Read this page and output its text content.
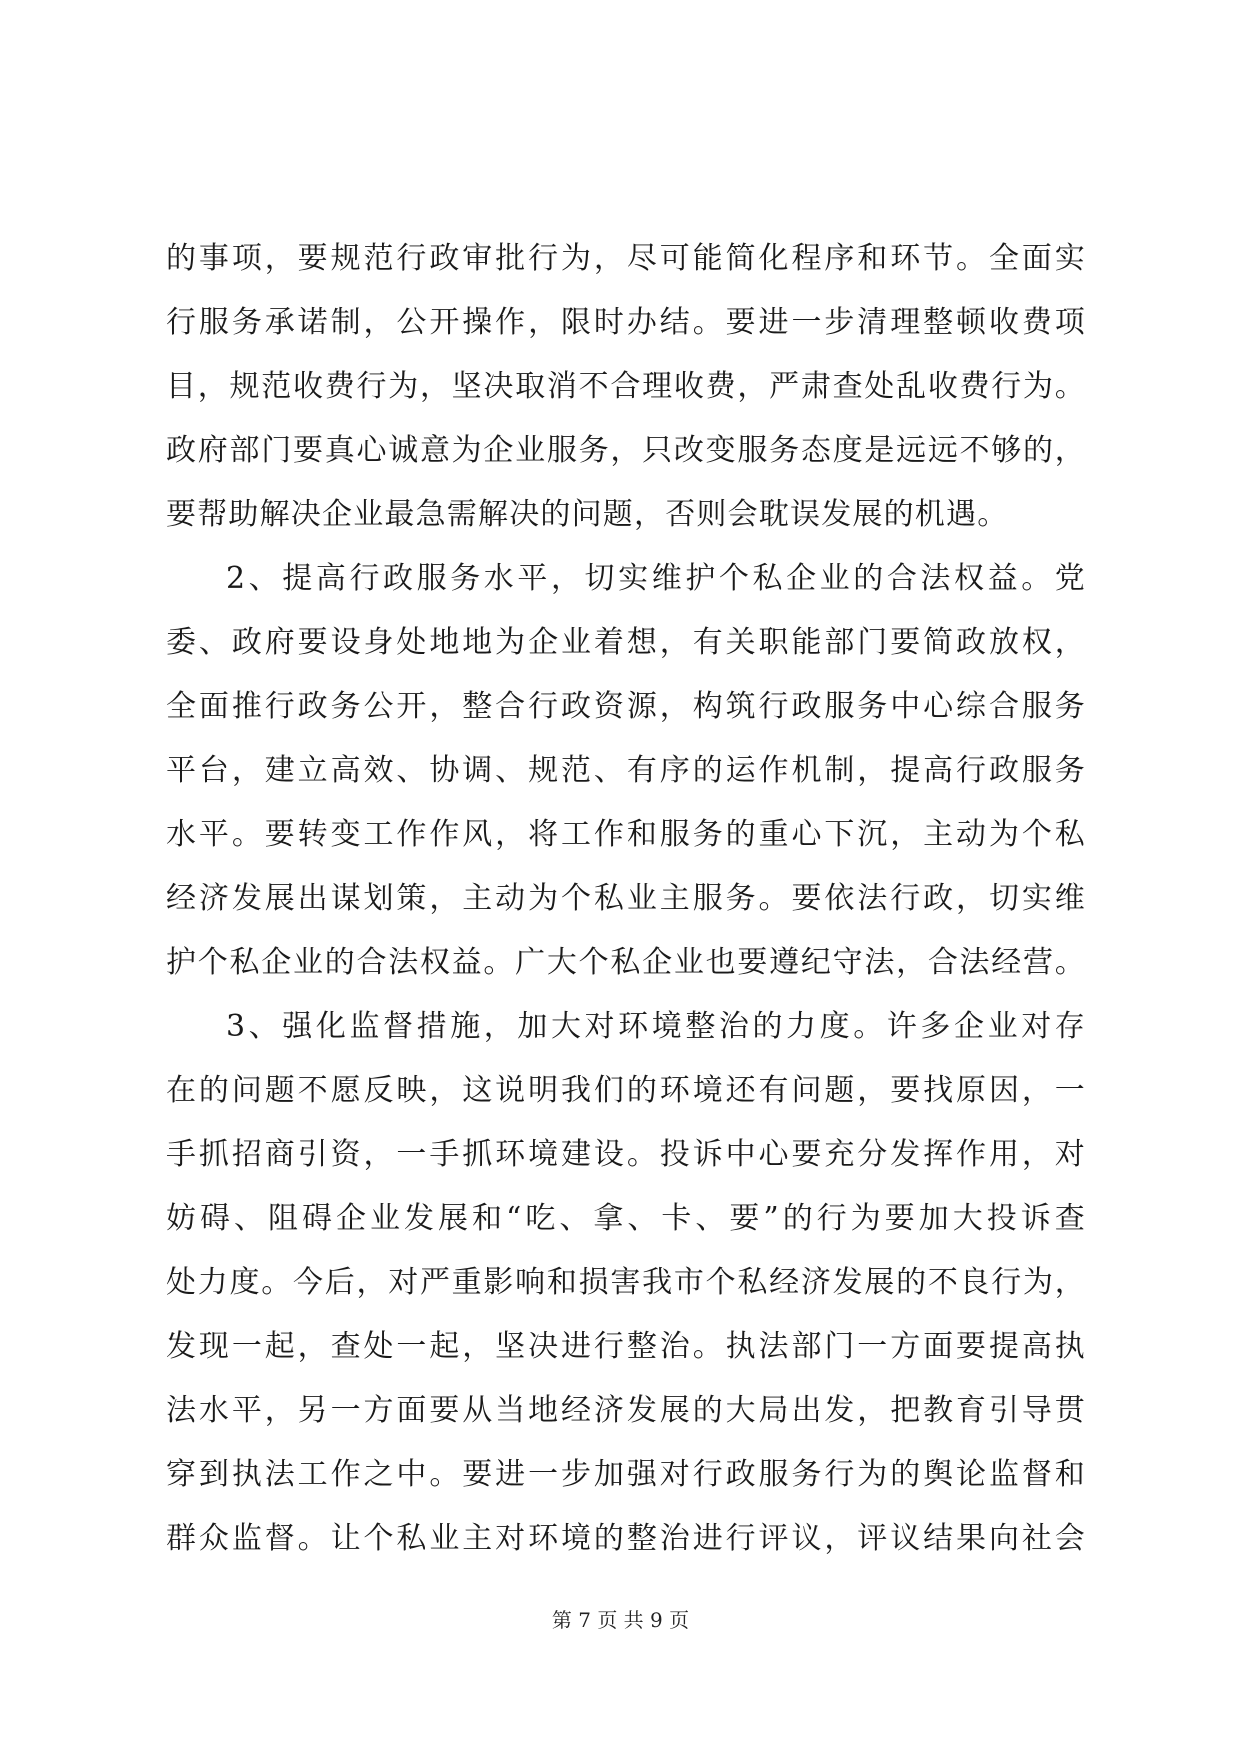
的事项，要规范行政审批行为，尽可能简化程序和环节。全面实
行服务承诺制，公开操作，限时办结。要进一步清理整顿收费项
目，规范收费行为，坚决取消不合理收费，严肃查处乱收费行为。
政府部门要真心诚意为企业服务，只改变服务态度是远远不够的，
要帮助解决企业最急需解决的问题，否则会耽误发展的机遇。
2、提高行政服务水平，切实维护个私企业的合法权益。党
委、政府要设身处地地为企业着想，有关职能部门要简政放权，
全面推行政务公开，整合行政资源，构筑行政服务中心综合服务
平台，建立高效、协调、规范、有序的运作机制，提高行政服务
水平。要转变工作作风，将工作和服务的重心下沉，主动为个私
经济发展出谋划策，主动为个私业主服务。要依法行政，切实维
护个私企业的合法权益。广大个私企业也要遵纪守法，合法经营。
3、强化监督措施，加大对环境整治的力度。许多企业对存
在的问题不愿反映，这说明我们的环境还有问题，要找原因，一
手抓招商引资，一手抓环境建设。投诉中心要充分发挥作用，对
妨碍、阻碍企业发展和“吃、拿、卡、要”的行为要加大投诉查
处力度。今后，对严重影响和损害我市个私经济发展的不良行为，
发现一起，查处一起，坚决进行整治。执法部门一方面要提高执
法水平，另一方面要从当地经济发展的大局出发，把教育引导贯
穿到执法工作之中。要进一步加强对行政服务行为的舆论监督和
群众监督。让个私业主对环境的整治进行评议，评议结果向社会
第 7 页 共 9 页
